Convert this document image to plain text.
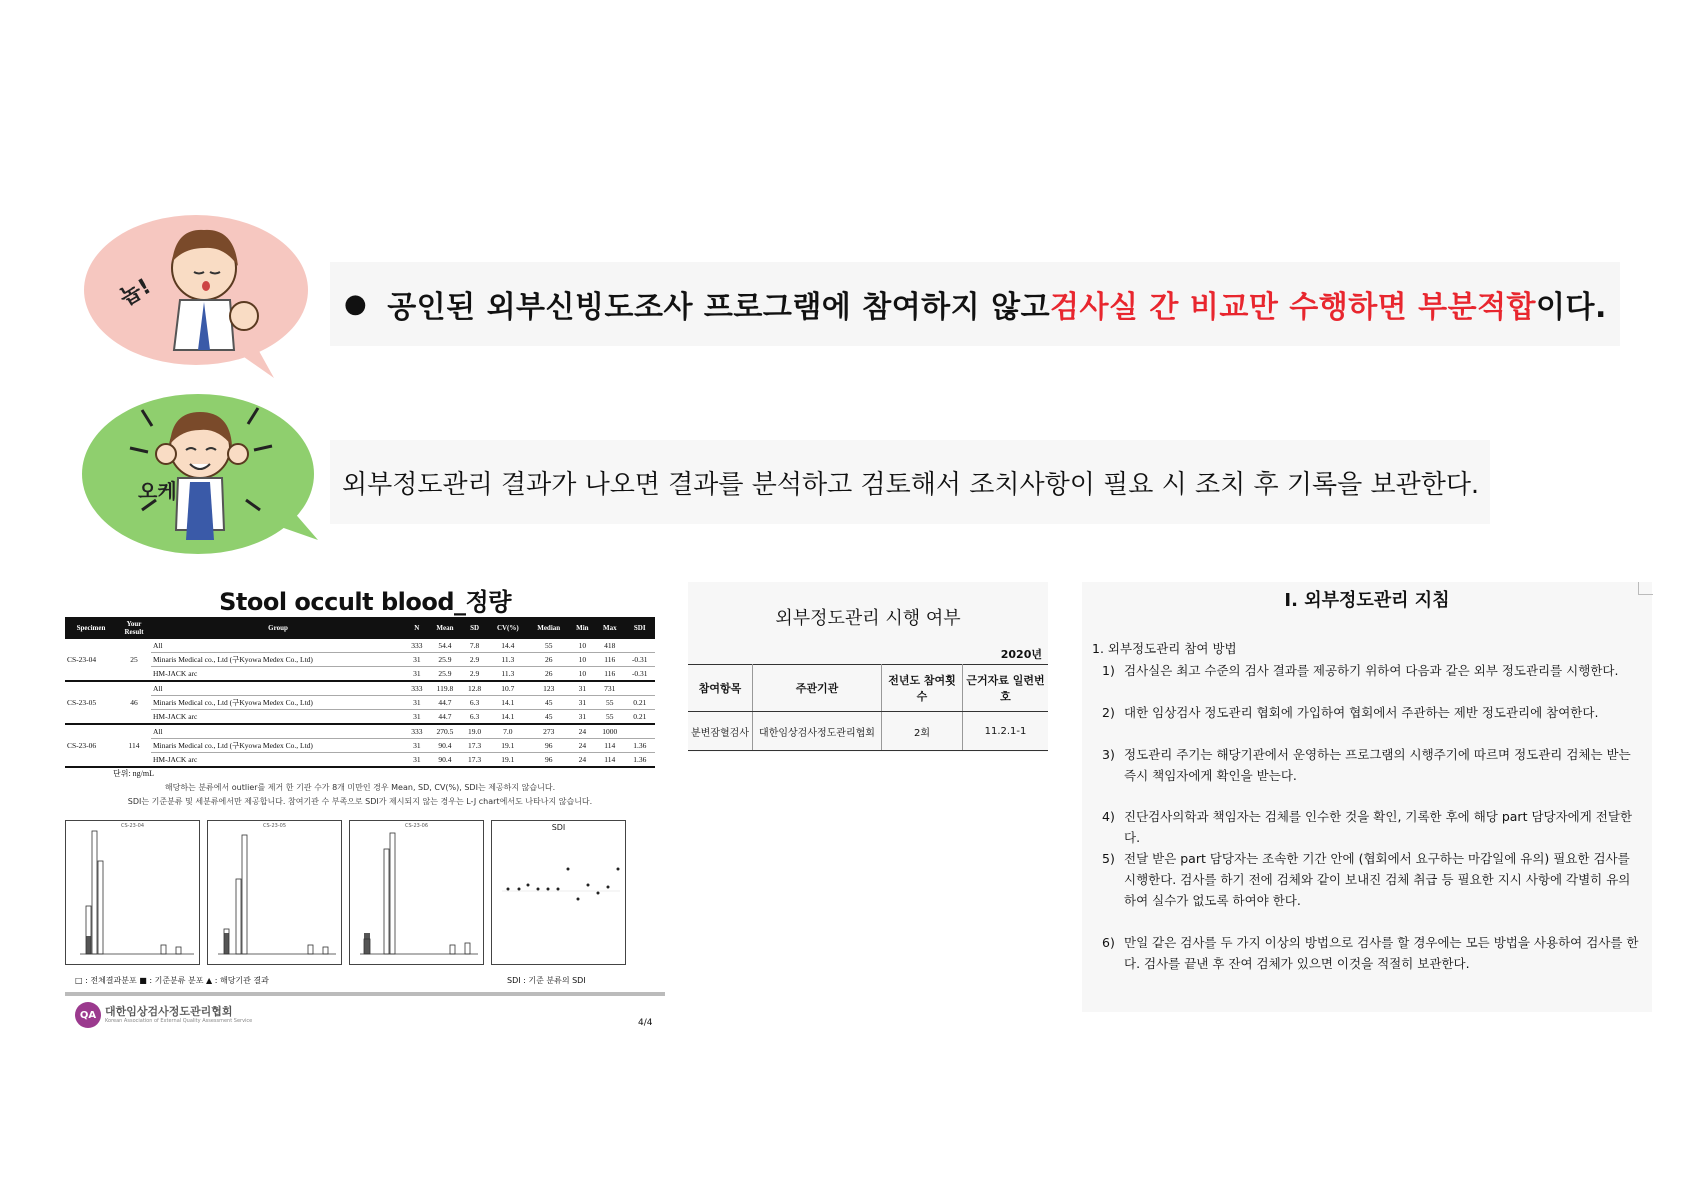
놉!	● 공인된 외부신빙도조사 프로그램에 참여하지 않고 검사실 간 비교만 수행하면 부분적합 이다.
오케	외부정도관리 결과가 나오면 결과를 분석하고 검토해서 조치사항이 필요 시 조치 후 기록을 보관한다.
Stool occult blood_정량
Specimen	Your Result	Group	N	Mean	SD	CV(%)	Median	Min	Max	SDI
CS-23-04	25	All	333	54.4	7.8	14.4	55	10	418	
		Minaris Medical co., Ltd (구Kyowa Medex Co., Ltd)	31	25.9	2.9	11.3	26	10	116	-0.31
		HM-JACK arc	31	25.9	2.9	11.3	26	10	116	-0.31
CS-23-05	46	All	333	119.8	12.8	10.7	123	31	731	
		Minaris Medical co., Ltd (구Kyowa Medex Co., Ltd)	31	44.7	6.3	14.1	45	31	55	0.21
		HM-JACK arc	31	44.7	6.3	14.1	45	31	55	0.21
CS-23-06	114	All	333	270.5	19.0	7.0	273	24	1000	
		Minaris Medical co., Ltd (구Kyowa Medex Co., Ltd)	31	90.4	17.3	19.1	96	24	114	1.36
		HM-JACK arc	31	90.4	17.3	19.1	96	24	114	1.36
단위: ng/mL
해당하는 분류에서 outlier를 제거 한 기관 수가 8개 미만인 경우 Mean, SD, CV(%), SDI는 제공하지 않습니다.
SDI는 기준분류 및 세분류에서만 제공합니다. 참여기관 수 부족으로 SDI가 제시되지 않는 경우는 L-J chart에서도 나타나지 않습니다.
CS-23-04	CS-23-05	CS-23-06	SDI
□ : 전체결과분포 ■ : 기준분류 분포 ▲ : 해당기관 결과	SDI : 기준 분류의 SDI
QA 대한임상검사정도관리협회
Korean Association of External Quality Assessment Service	4/4
외부정도관리 시행 여부
2020년
참여항목	주관기관	전년도 참여횟수	근거자료 일련번호
분변잠혈검사	대한임상검사정도관리협회	2회	11.2.1-1
I. 외부정도관리 지침
1. 외부정도관리 참여 방법
1) 검사실은 최고 수준의 검사 결과를 제공하기 위하여 다음과 같은 외부 정도관리를 시행한다.
2) 대한 임상검사 정도관리 협회에 가입하여 협회에서 주관하는 제반 정도관리에 참여한다.
3) 정도관리 주기는 해당기관에서 운영하는 프로그램의 시행주기에 따르며 정도관리 검체는 받는 즉시 책임자에게 확인을 받는다.
4) 진단검사의학과 책임자는 검체를 인수한 것을 확인, 기록한 후에 해당 part 담당자에게 전달한다.
5) 전달 받은 part 담당자는 조속한 기간 안에 (협회에서 요구하는 마감일에 유의) 필요한 검사를 시행한다. 검사를 하기 전에 검체와 같이 보내진 검체 취급 등 필요한 지시 사항에 각별히 유의하여 실수가 없도록 하여야 한다.
6) 만일 같은 검사를 두 가지 이상의 방법으로 검사를 할 경우에는 모든 방법을 사용하여 검사를 한다. 검사를 끝낸 후 잔여 검체가 있으면 이것을 적절히 보관한다.
